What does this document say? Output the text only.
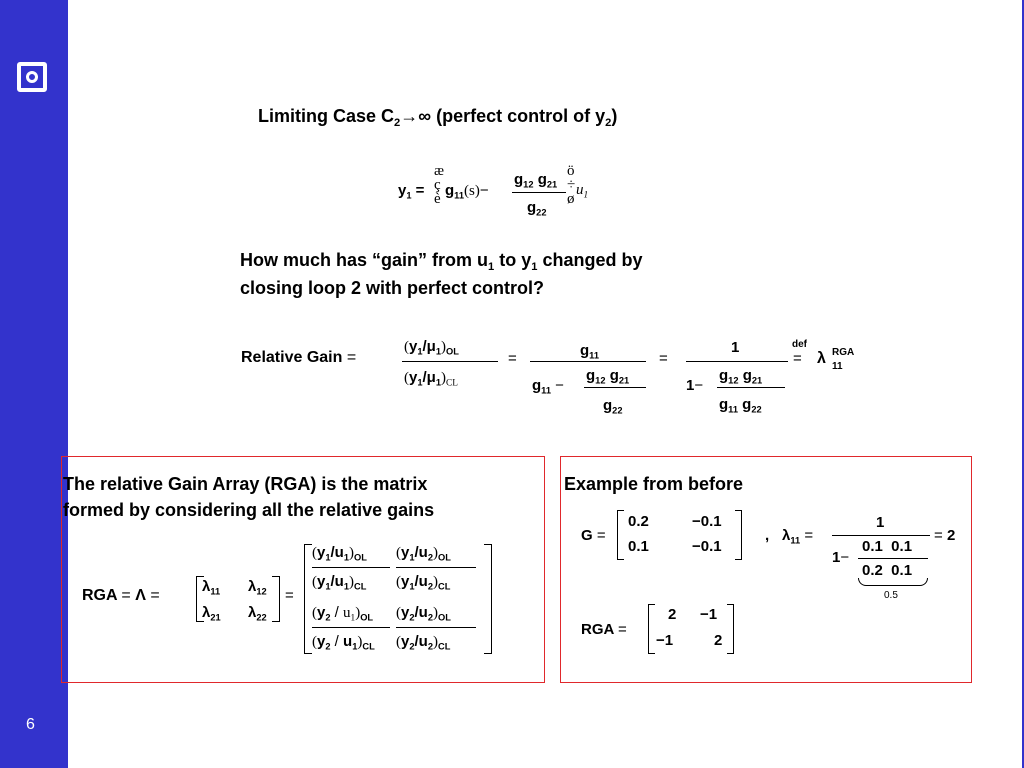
6
Limiting Case $C_2\to\infty$ (perfect control of $y_2$)
$y_1$ =
æ
ç
è $g_{11}(s)-$
$g_{12}$ $g_{21}$
$g_{22}$
ö
÷
ø
$u_1$
How much has “gain” from $u_1$ to $y_1$ changed by
closing loop 2 with perfect control?
Relative Gain =
$(y_1/\mu_1)_{OL}$
$(y_1/\mu_1)_{CL}$
=	$g_{11}$
$g_{11}$ −
$g_{12}$ $g_{21}$
$g_{22}$
=
1
1−
$g_{12}$ $g_{21}$
$g_{11}$ $g_{22}$
def
= λ RGA
11
The relative Gain Array (RGA) is the matrix
formed by considering all the relative gains
RGA = Λ =
$\lambda_{11}$ $\lambda_{12}$
$\lambda_{21}$ $\lambda_{22}$
=
$(y_1/u_1)_{OL}$ $(y_1/u_2)_{OL}$
$(y_1/u_1)_{CL}$ $(y_1/u_2)_{CL}$
$(y_2 / u_1)_{OL}$ $(y_2/u_2)_{OL}$
$(y_2 / u_1)_{CL}$ $(y_2/u_2)_{CL}$
Example from before
G =
0.2	−0.1
0.1	−0.1
, $\lambda_{11}$ =
1
1−
0.1  0.1
0.2  0.1
0.5
= 2
RGA =
2 −1
−1	2
